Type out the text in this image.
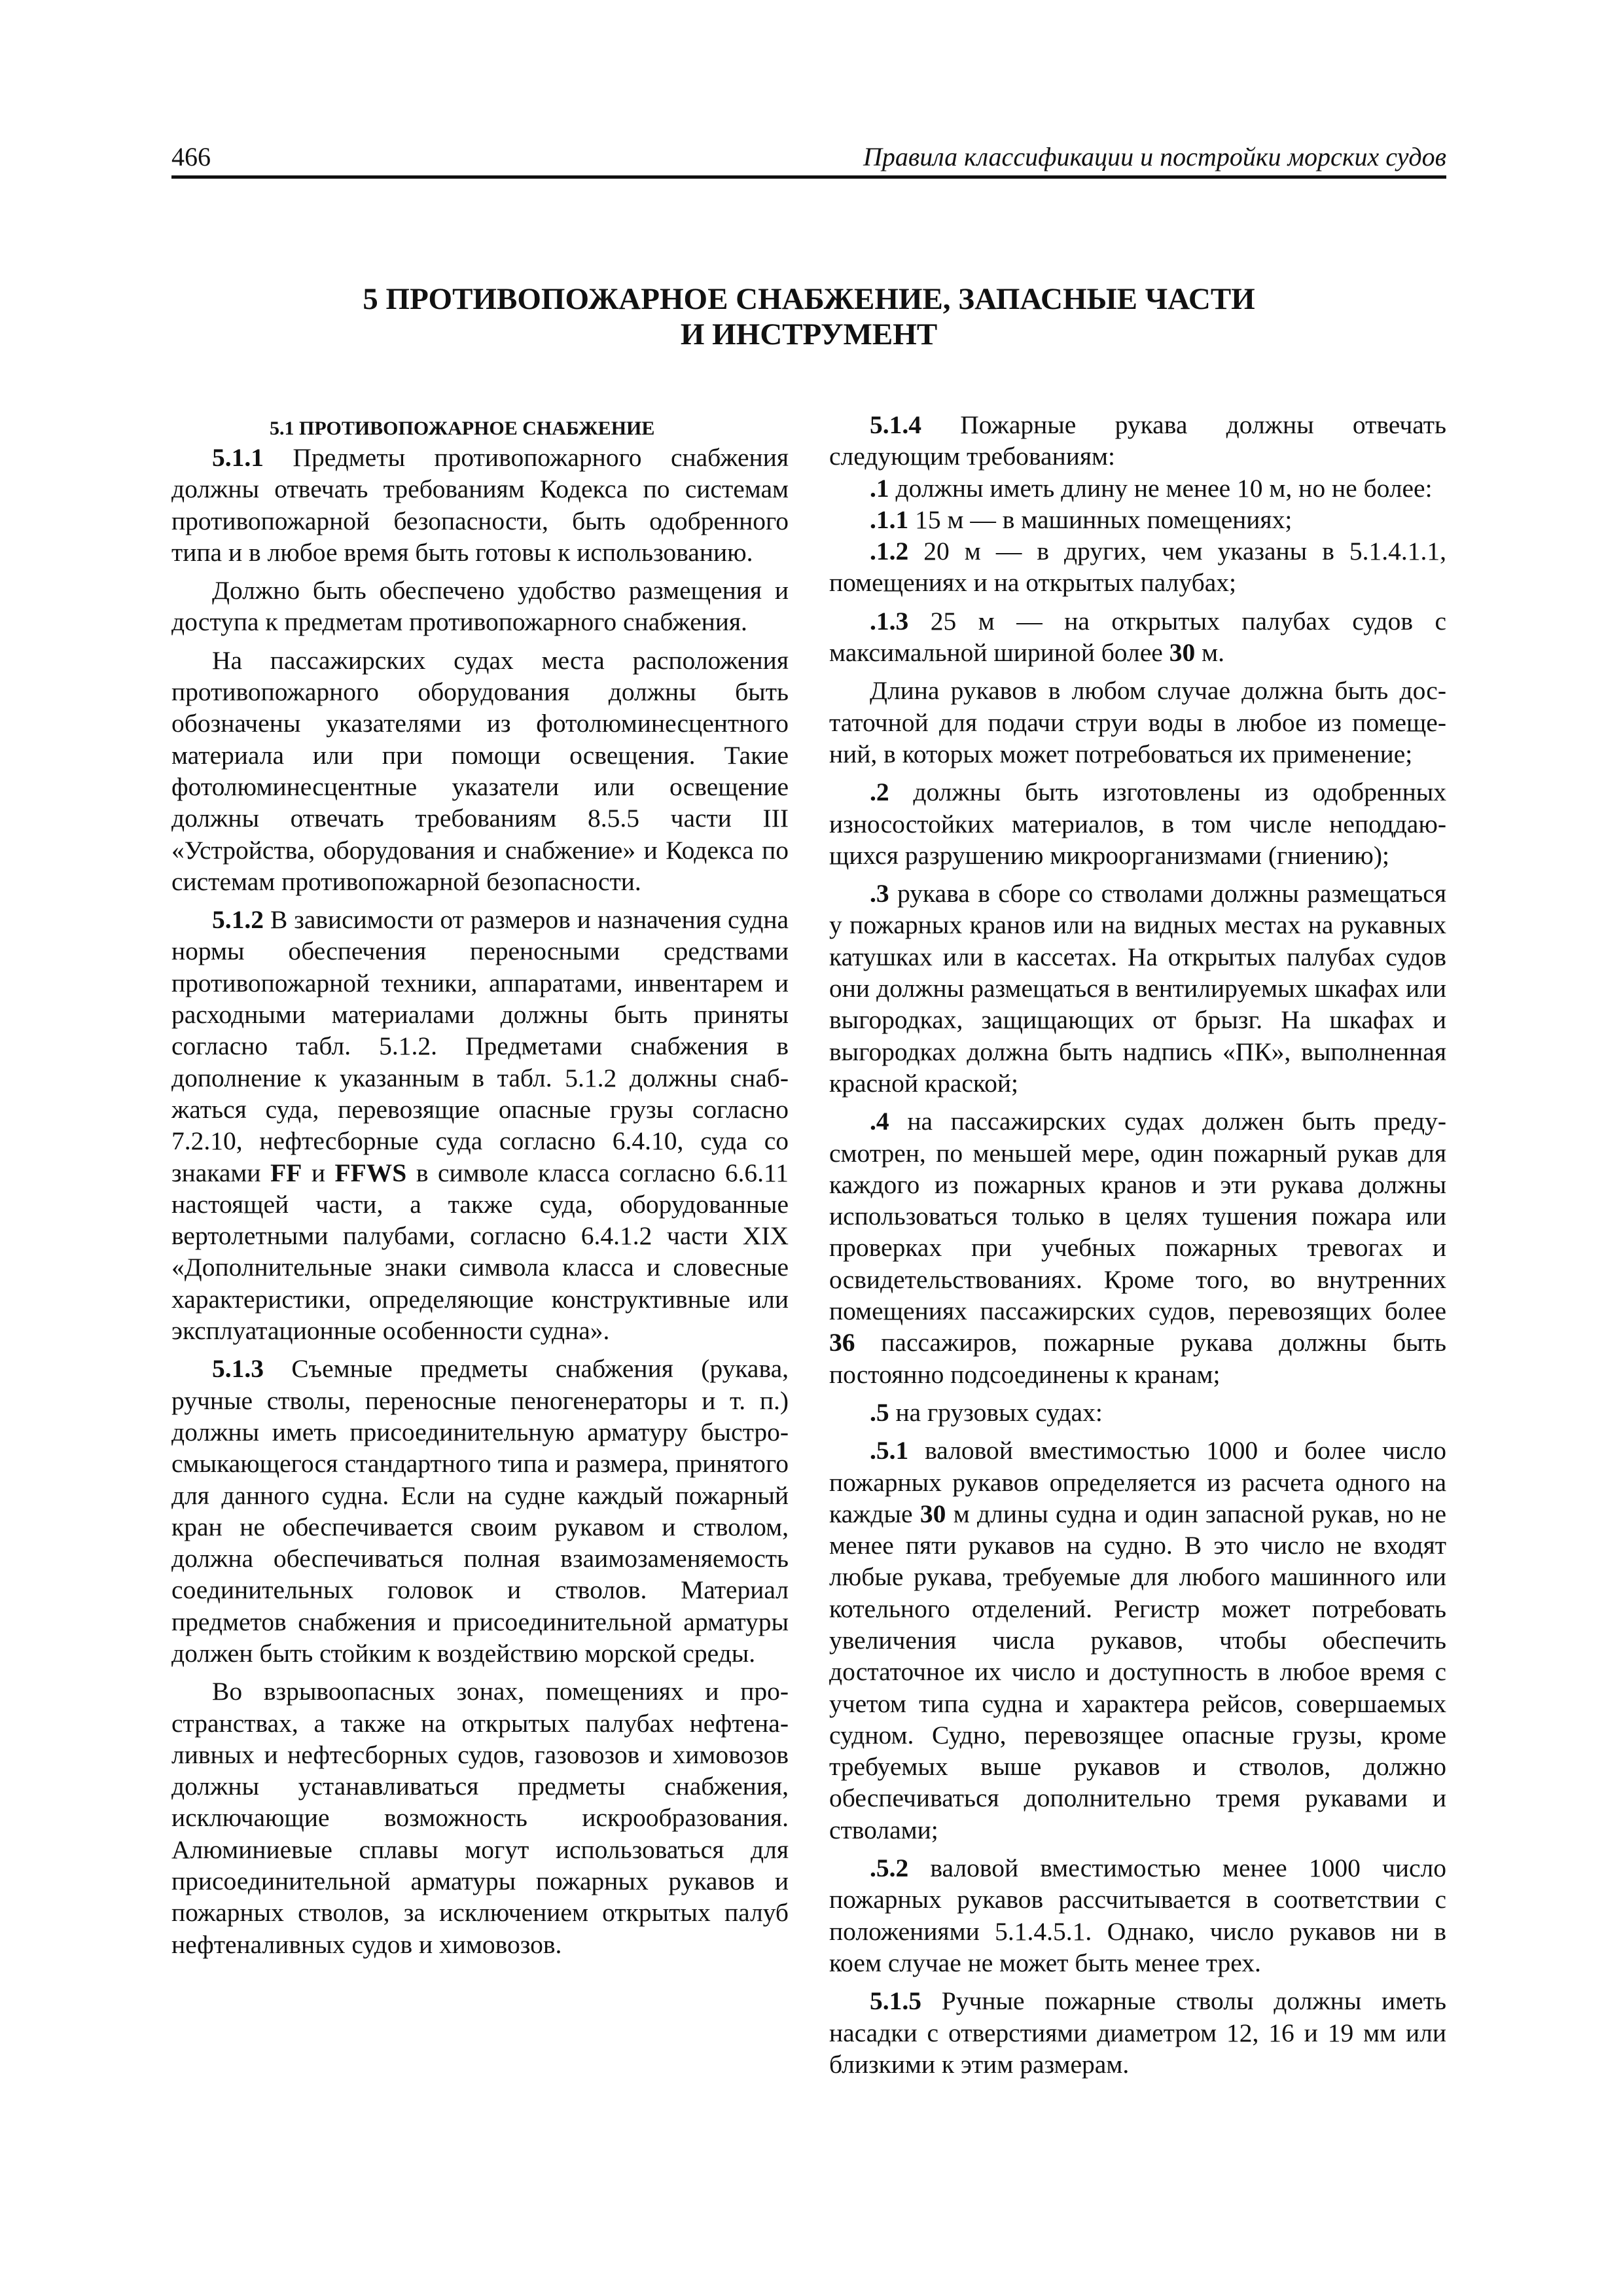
466	Правила классификации и постройки морских судов
5 ПРОТИВОПОЖАРНОЕ СНАБЖЕНИЕ, ЗАПАСНЫЕ ЧАСТИ
И ИНСТРУМЕНТ

5.1 ПРОТИВОПОЖАРНОЕ СНАБЖЕНИЕ

5.1.1 Предметы противопожарного снабжения должны отвечать требованиям Кодекса по системам противопожарной безопасности, быть одобренного типа и в любое время быть готовы к использованию.

Должно быть обеспечено удобство размещения и доступа к предметам противопожарного снабжения.

На пассажирских судах места расположения противопожарного оборудования должны быть обозначены указателями из фотолюминесцентного материала или при помощи освещения. Такие фотолюминесцентные указатели или освещение должны отвечать требованиям 8.5.5 части III «Устройства, оборудования и снабжение» и Кодекса по системам противопожарной безопасности.

5.1.2 В зависимости от размеров и назначения судна нормы обеспечения переносными средствами противопожарной техники, аппаратами, инвентарем и расходными материалами должны быть приняты согласно табл. 5.1.2. Предметами снабжения в дополнение к указанным в табл. 5.1.2 должны снабжаться суда, перевозящие опасные грузы согласно 7.2.10, нефтесборные суда согласно 6.4.10, суда со знаками FF и FFWS в символе класса согласно 6.6.11 настоящей части, а также суда, оборудованные вертолетными палубами, согласно 6.4.1.2 части XIX «Дополнительные знаки символа класса и словесные характеристики, определяющие конструктивные или эксплуатационные особенности судна».

5.1.3 Съемные предметы снабжения (рукава, ручные стволы, переносные пеногенераторы и т. п.) должны иметь присоединительную арматуру быстросмыкающегося стандартного типа и размера, принятого для данного судна. Если на судне каждый пожарный кран не обеспечивается своим рукавом и стволом, должна обеспечиваться полная взаимозаменяемость соединительных головок и стволов. Материал предметов снабжения и присоединительной арматуры должен быть стойким к воздействию морской среды.

Во взрывоопасных зонах, помещениях и пространствах, а также на открытых палубах нефтеналивных и нефтесборных судов, газовозов и химовозов должны устанавливаться предметы снабжения, исключающие возможность искрообразования. Алюминиевые сплавы могут использоваться для присоединительной арматуры пожарных рукавов и пожарных стволов, за исключением открытых палуб нефтеналивных судов и химовозов.

5.1.4 Пожарные рукава должны отвечать следующим требованиям:

.1 должны иметь длину не менее 10 м, но не более:

.1.1 15 м — в машинных помещениях;

.1.2 20 м — в других, чем указаны в 5.1.4.1.1, помещениях и на открытых палубах;

.1.3 25 м — на открытых палубах судов с максимальной шириной более 30 м.

Длина рукавов в любом случае должна быть достаточной для подачи струи воды в любое из помещений, в которых может потребоваться их применение;

.2 должны быть изготовлены из одобренных износостойких материалов, в том числе неподдающихся разрушению микроорганизмами (гниению);

.3 рукава в сборе со стволами должны размещаться у пожарных кранов или на видных местах на рукавных катушках или в кассетах. На открытых палубах судов они должны размещаться в вентилируемых шкафах или выгородках, защищающих от брызг. На шкафах и выгородках должна быть надпись «ПК», выполненная красной краской;

.4 на пассажирских судах должен быть предусмотрен, по меньшей мере, один пожарный рукав для каждого из пожарных кранов и эти рукава должны использоваться только в целях тушения пожара или проверках при учебных пожарных тревогах и освидетельствованиях. Кроме того, во внутренних помещениях пассажирских судов, перевозящих более 36 пассажиров, пожарные рукава должны быть постоянно подсоединены к кранам;

.5 на грузовых судах:

.5.1 валовой вместимостью 1000 и более число пожарных рукавов определяется из расчета одного на каждые 30 м длины судна и один запасной рукав, но не менее пяти рукавов на судно. В это число не входят любые рукава, требуемые для любого машинного или котельного отделений. Регистр может потребовать увеличения числа рукавов, чтобы обеспечить достаточное их число и доступность в любое время с учетом типа судна и характера рейсов, совершаемых судном. Судно, перевозящее опасные грузы, кроме требуемых выше рукавов и стволов, должно обеспечиваться дополнительно тремя рукавами и стволами;

.5.2 валовой вместимостью менее 1000 число пожарных рукавов рассчитывается в соответствии с положениями 5.1.4.5.1. Однако, число рукавов ни в коем случае не может быть менее трех.

5.1.5 Ручные пожарные стволы должны иметь насадки с отверстиями диаметром 12, 16 и 19 мм или близкими к этим размерам.
